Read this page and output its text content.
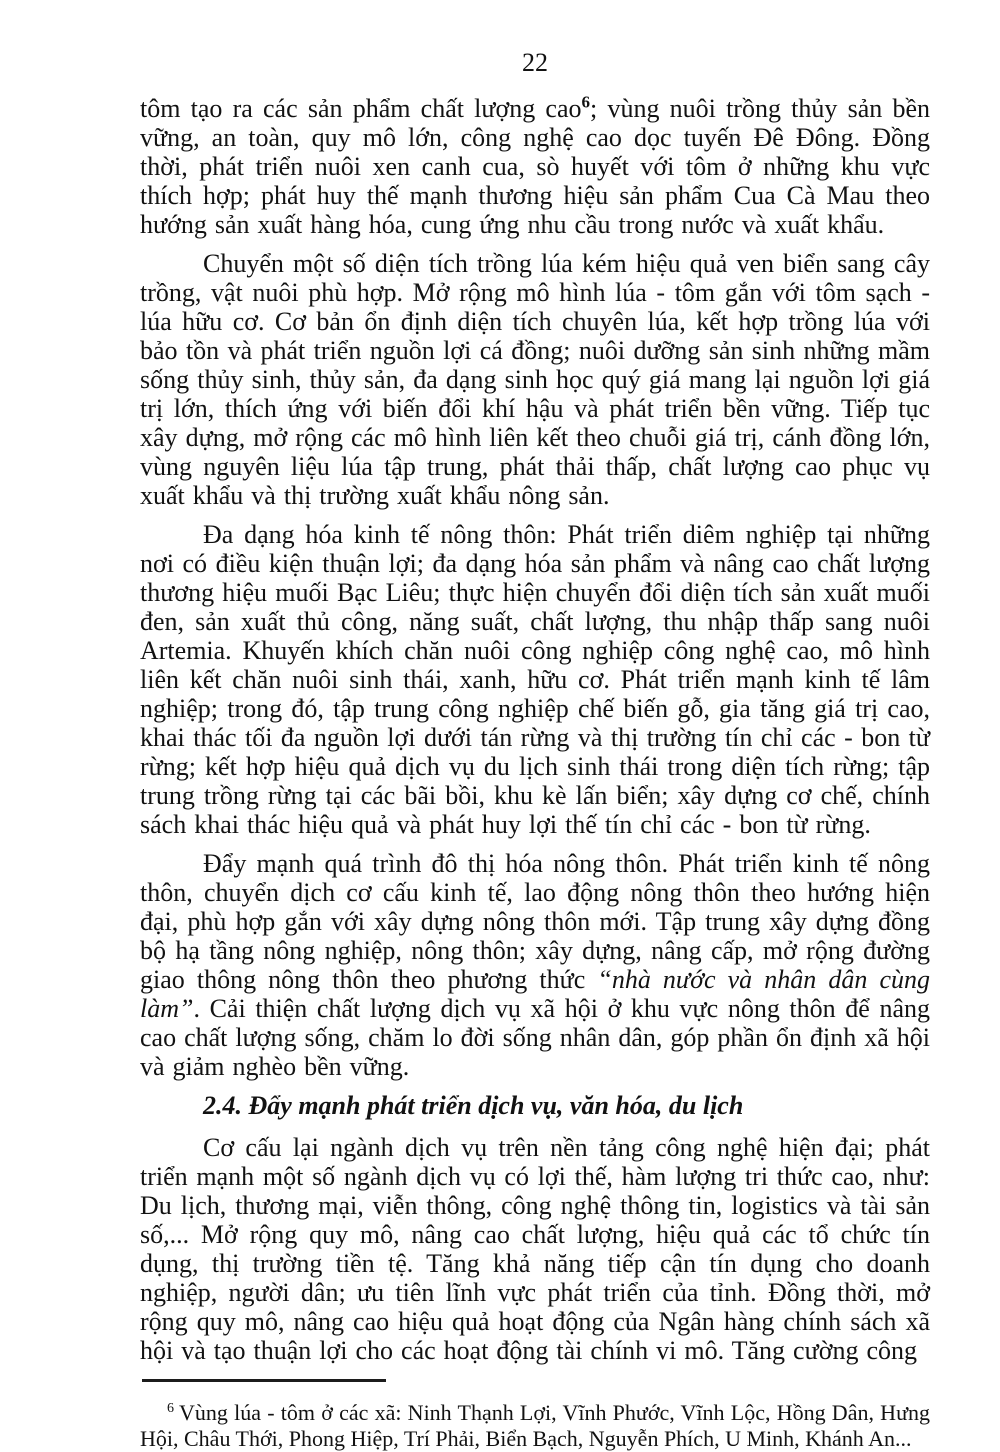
22

tôm tạo ra các sản phẩm chất lượng cao$^6$; vùng nuôi trồng thủy sản bền vững, an toàn, quy mô lớn, công nghệ cao dọc tuyến Đê Đông. Đồng thời, phát triển nuôi xen canh cua, sò huyết với tôm ở những khu vực thích hợp; phát huy thế mạnh thương hiệu sản phẩm Cua Cà Mau theo hướng sản xuất hàng hóa, cung ứng nhu cầu trong nước và xuất khẩu.

Chuyển một số diện tích trồng lúa kém hiệu quả ven biển sang cây trồng, vật nuôi phù hợp. Mở rộng mô hình lúa - tôm gắn với tôm sạch - lúa hữu cơ. Cơ bản ổn định diện tích chuyên lúa, kết hợp trồng lúa với bảo tồn và phát triển nguồn lợi cá đồng; nuôi dưỡng sản sinh những mầm sống thủy sinh, thủy sản, đa dạng sinh học quý giá mang lại nguồn lợi giá trị lớn, thích ứng với biến đổi khí hậu và phát triển bền vững. Tiếp tục xây dựng, mở rộng các mô hình liên kết theo chuỗi giá trị, cánh đồng lớn, vùng nguyên liệu lúa tập trung, phát thải thấp, chất lượng cao phục vụ xuất khẩu và thị trường xuất khẩu nông sản.

Đa dạng hóa kinh tế nông thôn: Phát triển diêm nghiệp tại những nơi có điều kiện thuận lợi; đa dạng hóa sản phẩm và nâng cao chất lượng thương hiệu muối Bạc Liêu; thực hiện chuyển đổi diện tích sản xuất muối đen, sản xuất thủ công, năng suất, chất lượng, thu nhập thấp sang nuôi Artemia. Khuyến khích chăn nuôi công nghiệp công nghệ cao, mô hình liên kết chăn nuôi sinh thái, xanh, hữu cơ. Phát triển mạnh kinh tế lâm nghiệp; trong đó, tập trung công nghiệp chế biến gỗ, gia tăng giá trị cao, khai thác tối đa nguồn lợi dưới tán rừng và thị trường tín chỉ các - bon từ rừng; kết hợp hiệu quả dịch vụ du lịch sinh thái trong diện tích rừng; tập trung trồng rừng tại các bãi bồi, khu kè lấn biển; xây dựng cơ chế, chính sách khai thác hiệu quả và phát huy lợi thế tín chỉ các - bon từ rừng.

Đẩy mạnh quá trình đô thị hóa nông thôn. Phát triển kinh tế nông thôn, chuyển dịch cơ cấu kinh tế, lao động nông thôn theo hướng hiện đại, phù hợp gắn với xây dựng nông thôn mới. Tập trung xây dựng đồng bộ hạ tầng nông nghiệp, nông thôn; xây dựng, nâng cấp, mở rộng đường giao thông nông thôn theo phương thức “nhà nước và nhân dân cùng làm”. Cải thiện chất lượng dịch vụ xã hội ở khu vực nông thôn để nâng cao chất lượng sống, chăm lo đời sống nhân dân, góp phần ổn định xã hội và giảm nghèo bền vững.

2.4. Đẩy mạnh phát triển dịch vụ, văn hóa, du lịch

Cơ cấu lại ngành dịch vụ trên nền tảng công nghệ hiện đại; phát triển mạnh một số ngành dịch vụ có lợi thế, hàm lượng tri thức cao, như: Du lịch, thương mại, viễn thông, công nghệ thông tin, logistics và tài sản số,... Mở rộng quy mô, nâng cao chất lượng, hiệu quả các tổ chức tín dụng, thị trường tiền tệ. Tăng khả năng tiếp cận tín dụng cho doanh nghiệp, người dân; ưu tiên lĩnh vực phát triển của tỉnh. Đồng thời, mở rộng quy mô, nâng cao hiệu quả hoạt động của Ngân hàng chính sách xã hội và tạo thuận lợi cho các hoạt động tài chính vi mô. Tăng cường công

$^6$ Vùng lúa - tôm ở các xã: Ninh Thạnh Lợi, Vĩnh Phước, Vĩnh Lộc, Hồng Dân, Hưng Hội, Châu Thới, Phong Hiệp, Trí Phải, Biển Bạch, Nguyễn Phích, U Minh, Khánh An...
